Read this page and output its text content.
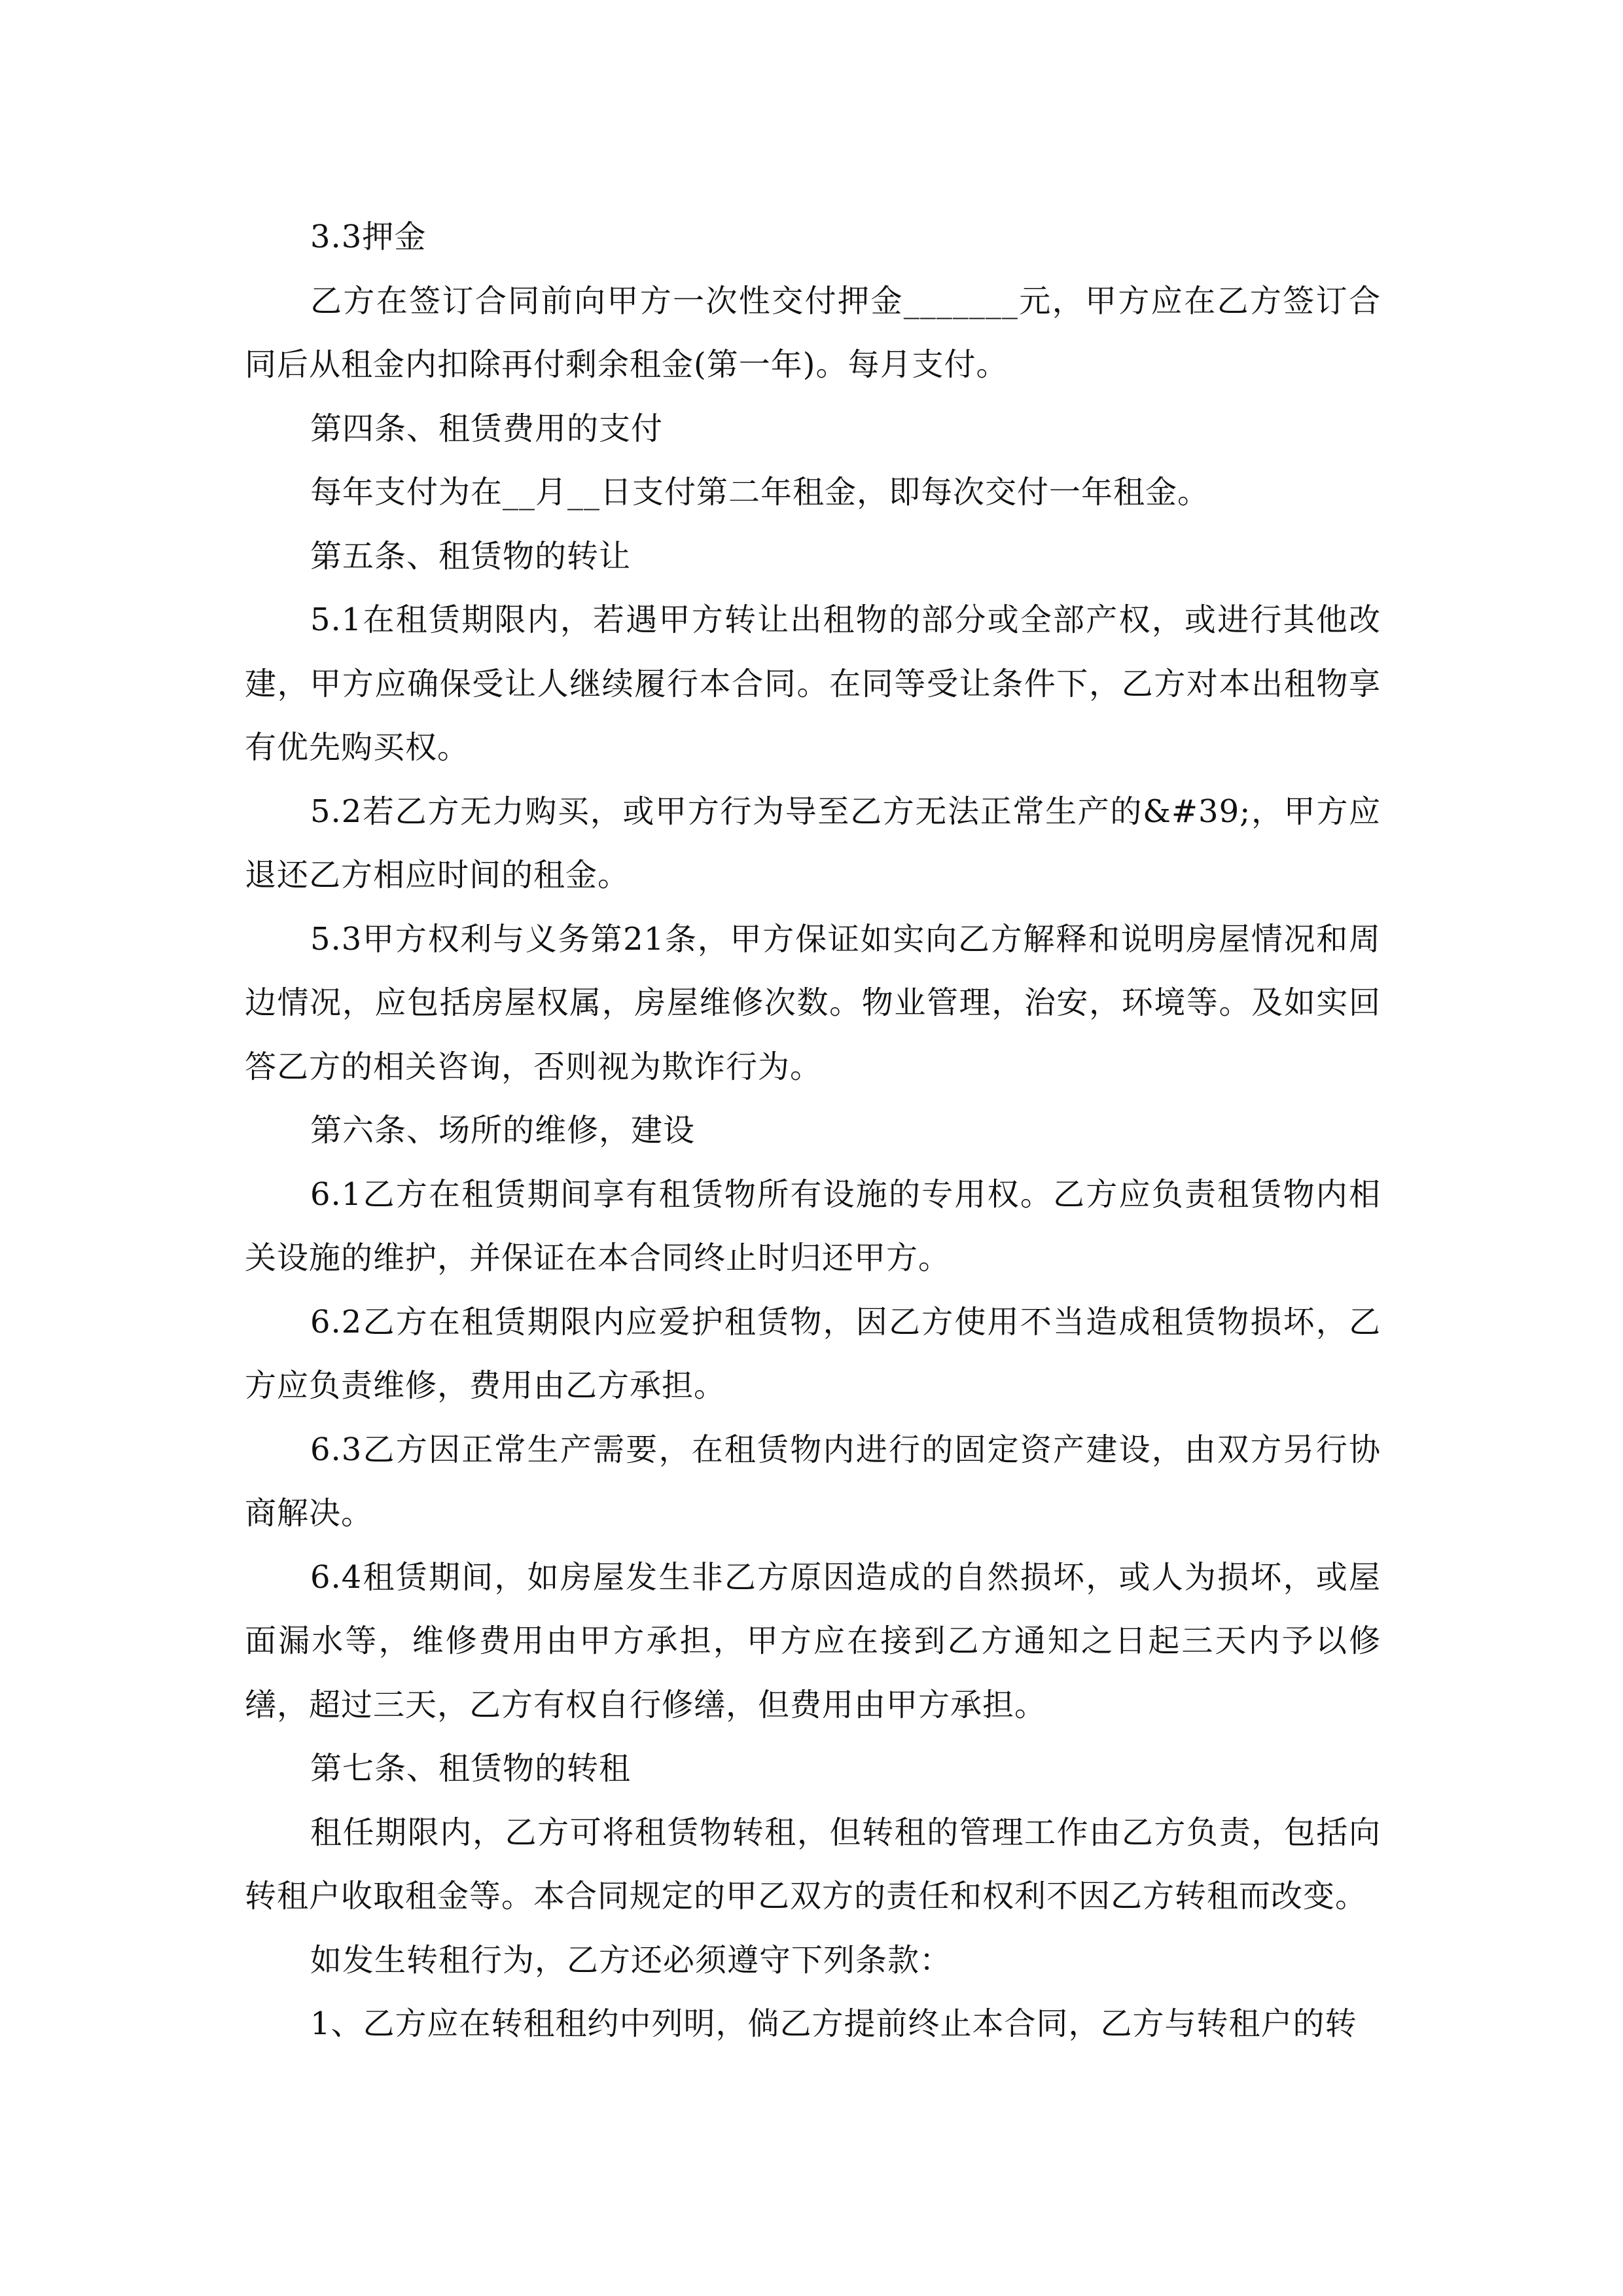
3.3押金

乙方在签订合同前向甲方一次性交付押金_______元，甲方应在乙方签订合同后从租金内扣除再付剩余租金(第一年)。每月支付。

第四条、租赁费用的支付

每年支付为在__月__日支付第二年租金，即每次交付一年租金。

第五条、租赁物的转让

5.1在租赁期限内，若遇甲方转让出租物的部分或全部产权，或进行其他改建，甲方应确保受让人继续履行本合同。在同等受让条件下，乙方对本出租物享有优先购买权。

5.2若乙方无力购买，或甲方行为导至乙方无法正常生产的&#39;，甲方应退还乙方相应时间的租金。

5.3甲方权利与义务第21条，甲方保证如实向乙方解释和说明房屋情况和周边情况，应包括房屋权属，房屋维修次数。物业管理，治安，环境等。及如实回答乙方的相关咨询，否则视为欺诈行为。

第六条、场所的维修，建设

6.1乙方在租赁期间享有租赁物所有设施的专用权。乙方应负责租赁物内相关设施的维护，并保证在本合同终止时归还甲方。

6.2乙方在租赁期限内应爱护租赁物，因乙方使用不当造成租赁物损坏，乙方应负责维修，费用由乙方承担。

6.3乙方因正常生产需要，在租赁物内进行的固定资产建设，由双方另行协商解决。

6.4租赁期间，如房屋发生非乙方原因造成的自然损坏，或人为损坏，或屋面漏水等，维修费用由甲方承担，甲方应在接到乙方通知之日起三天内予以修缮，超过三天，乙方有权自行修缮，但费用由甲方承担。

第七条、租赁物的转租

租任期限内，乙方可将租赁物转租，但转租的管理工作由乙方负责，包括向转租户收取租金等。本合同规定的甲乙双方的责任和权利不因乙方转租而改变。

如发生转租行为，乙方还必须遵守下列条款：

1、乙方应在转租租约中列明，倘乙方提前终止本合同，乙方与转租户的转
